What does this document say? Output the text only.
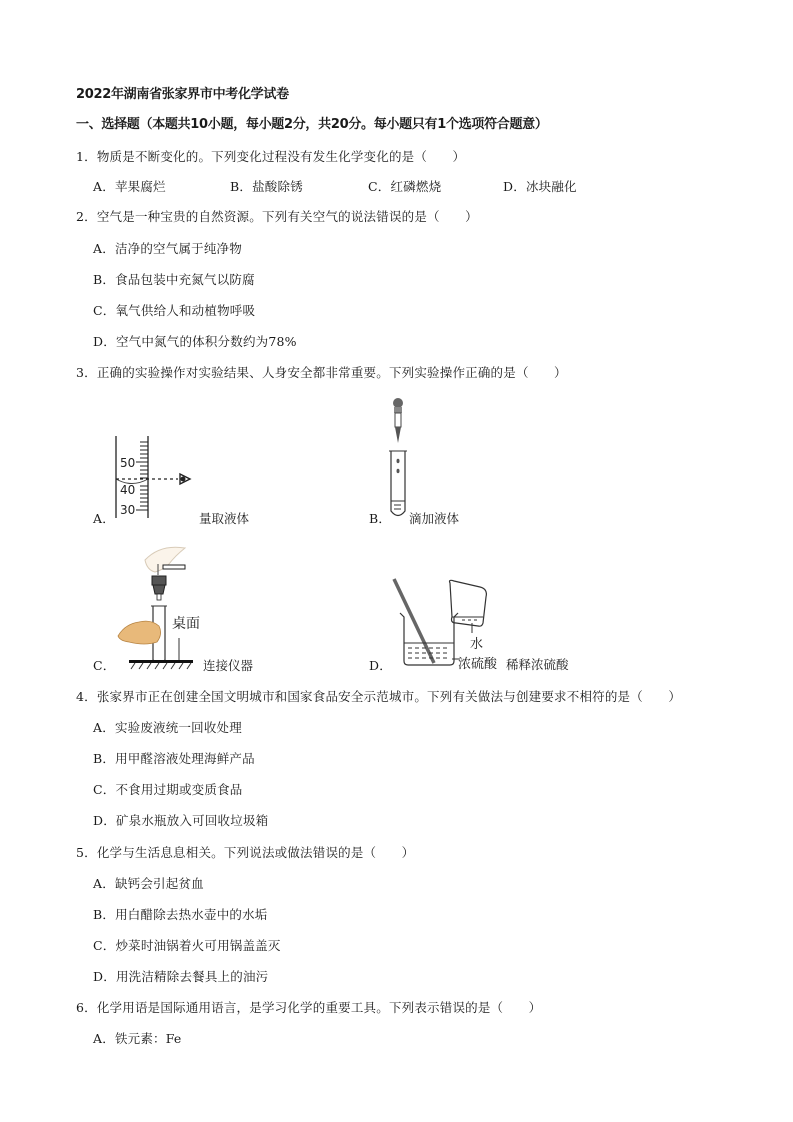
2022年湖南省张家界市中考化学试卷
一、选择题（本题共10小题，每小题2分，共20分。每小题只有1个选项符合题意）
1．物质是不断变化的。下列变化过程没有发生化学变化的是（　　）
A．苹果腐烂	B．盐酸除锈	C．红磷燃烧	D．冰块融化
2．空气是一种宝贵的自然资源。下列有关空气的说法错误的是（　　）
A．洁净的空气属于纯净物
B．食品包装中充氮气以防腐
C．氧气供给人和动植物呼吸
D．空气中氮气的体积分数约为78%
3．正确的实验操作对实验结果、人身安全都非常重要。下列实验操作正确的是（　　）
A．
50
40
30
量取液体	B． 滴加液体
C．
桌面
连接仪器	D．
水
浓硫酸 稀释浓硫酸
4．张家界市正在创建全国文明城市和国家食品安全示范城市。下列有关做法与创建要求不相符的是（　　）
A．实验废液统一回收处理
B．用甲醛溶液处理海鲜产品
C．不食用过期或变质食品
D．矿泉水瓶放入可回收垃圾箱
5．化学与生活息息相关。下列说法或做法错误的是（　　）
A．缺钙会引起贫血
B．用白醋除去热水壶中的水垢
C．炒菜时油锅着火可用锅盖盖灭
D．用洗洁精除去餐具上的油污
6．化学用语是国际通用语言，是学习化学的重要工具。下列表示错误的是（　　）
A．铁元素：Fe
